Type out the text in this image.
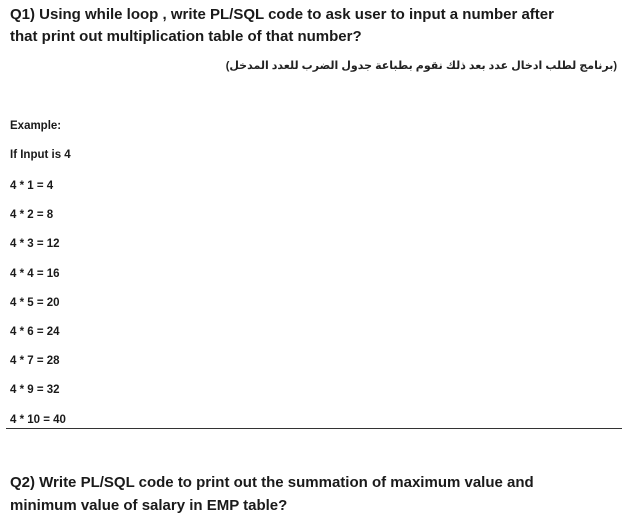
Q1) Using while loop , write PL/SQL code to ask user to input a number after

that print out multiplication table of that number?

(برنامج لطلب ادخال عدد بعد ذلك نقوم بطباعة جدول الضرب للعدد المدخل)
Example:
If Input is 4
4 * 1 = 4
4 * 2 = 8
4 * 3 = 12
4 * 4 = 16
4 * 5 = 20
4 * 6 = 24
4 * 7 = 28
4 * 9 = 32
4 * 10 = 40

Q2) Write PL/SQL code to print out the summation of maximum value and

minimum value of salary in EMP table?
